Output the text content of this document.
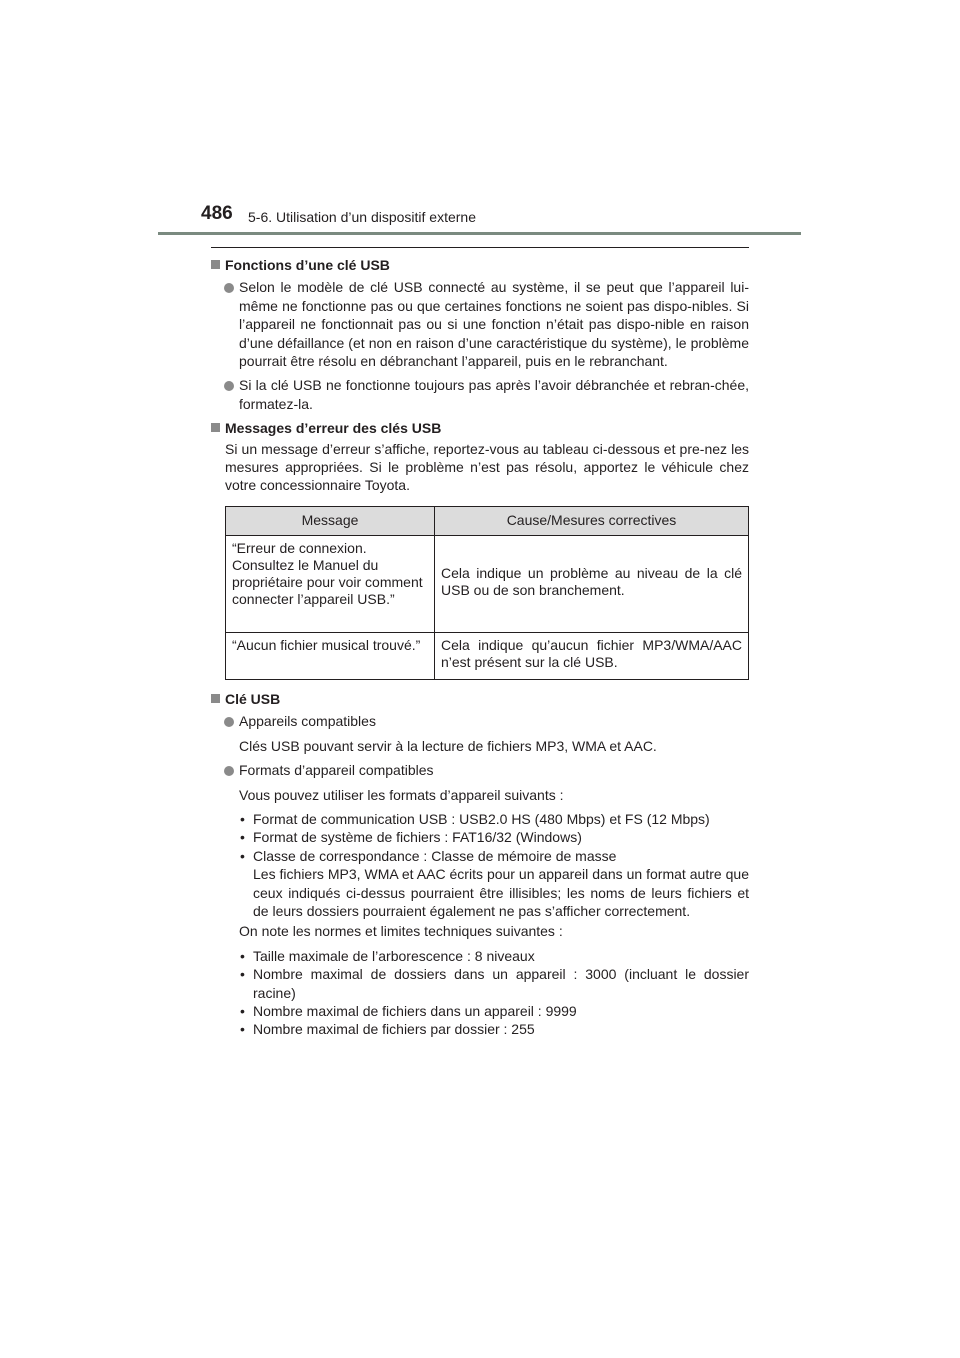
486 5-6. Utilisation d’un dispositif externe
Fonctions d’une clé USB
Selon le modèle de clé USB connecté au système, il se peut que l’appareil lui-même ne fonctionne pas ou que certaines fonctions ne soient pas dispo-nibles. Si l’appareil ne fonctionnait pas ou si une fonction n’était pas dispo-nible en raison d’une défaillance (et non en raison d’une caractéristique du système), le problème pourrait être résolu en débranchant l’appareil, puis en le rebranchant.
Si la clé USB ne fonctionne toujours pas après l’avoir débranchée et rebran-chée, formatez-la.
Messages d’erreur des clés USB
Si un message d’erreur s’affiche, reportez-vous au tableau ci-dessous et pre-nez les mesures appropriées. Si le problème n’est pas résolu, apportez le véhicule chez votre concessionnaire Toyota.
Message	Cause/Mesures correctives
“Erreur de connexion. Consultez le Manuel du propriétaire pour voir comment connecter l’appareil USB.”	Cela indique un problème au niveau de la clé USB ou de son branchement.
“Aucun fichier musical trouvé.”	Cela indique qu’aucun fichier MP3/WMA/AAC n’est présent sur la clé USB.
Clé USB
Appareils compatibles
Clés USB pouvant servir à la lecture de fichiers MP3, WMA et AAC.
Formats d’appareil compatibles
Vous pouvez utiliser les formats d’appareil suivants :
• Format de communication USB : USB2.0 HS (480 Mbps) et FS (12 Mbps)
• Format de système de fichiers : FAT16/32 (Windows)
• Classe de correspondance : Classe de mémoire de masse
Les fichiers MP3, WMA et AAC écrits pour un appareil dans un format autre que ceux indiqués ci-dessus pourraient être illisibles; les noms de leurs fichiers et de leurs dossiers pourraient également ne pas s’afficher correctement.
On note les normes et limites techniques suivantes :
• Taille maximale de l’arborescence : 8 niveaux
• Nombre maximal de dossiers dans un appareil : 3000 (incluant le dossier racine)
• Nombre maximal de fichiers dans un appareil : 9999
• Nombre maximal de fichiers par dossier : 255
